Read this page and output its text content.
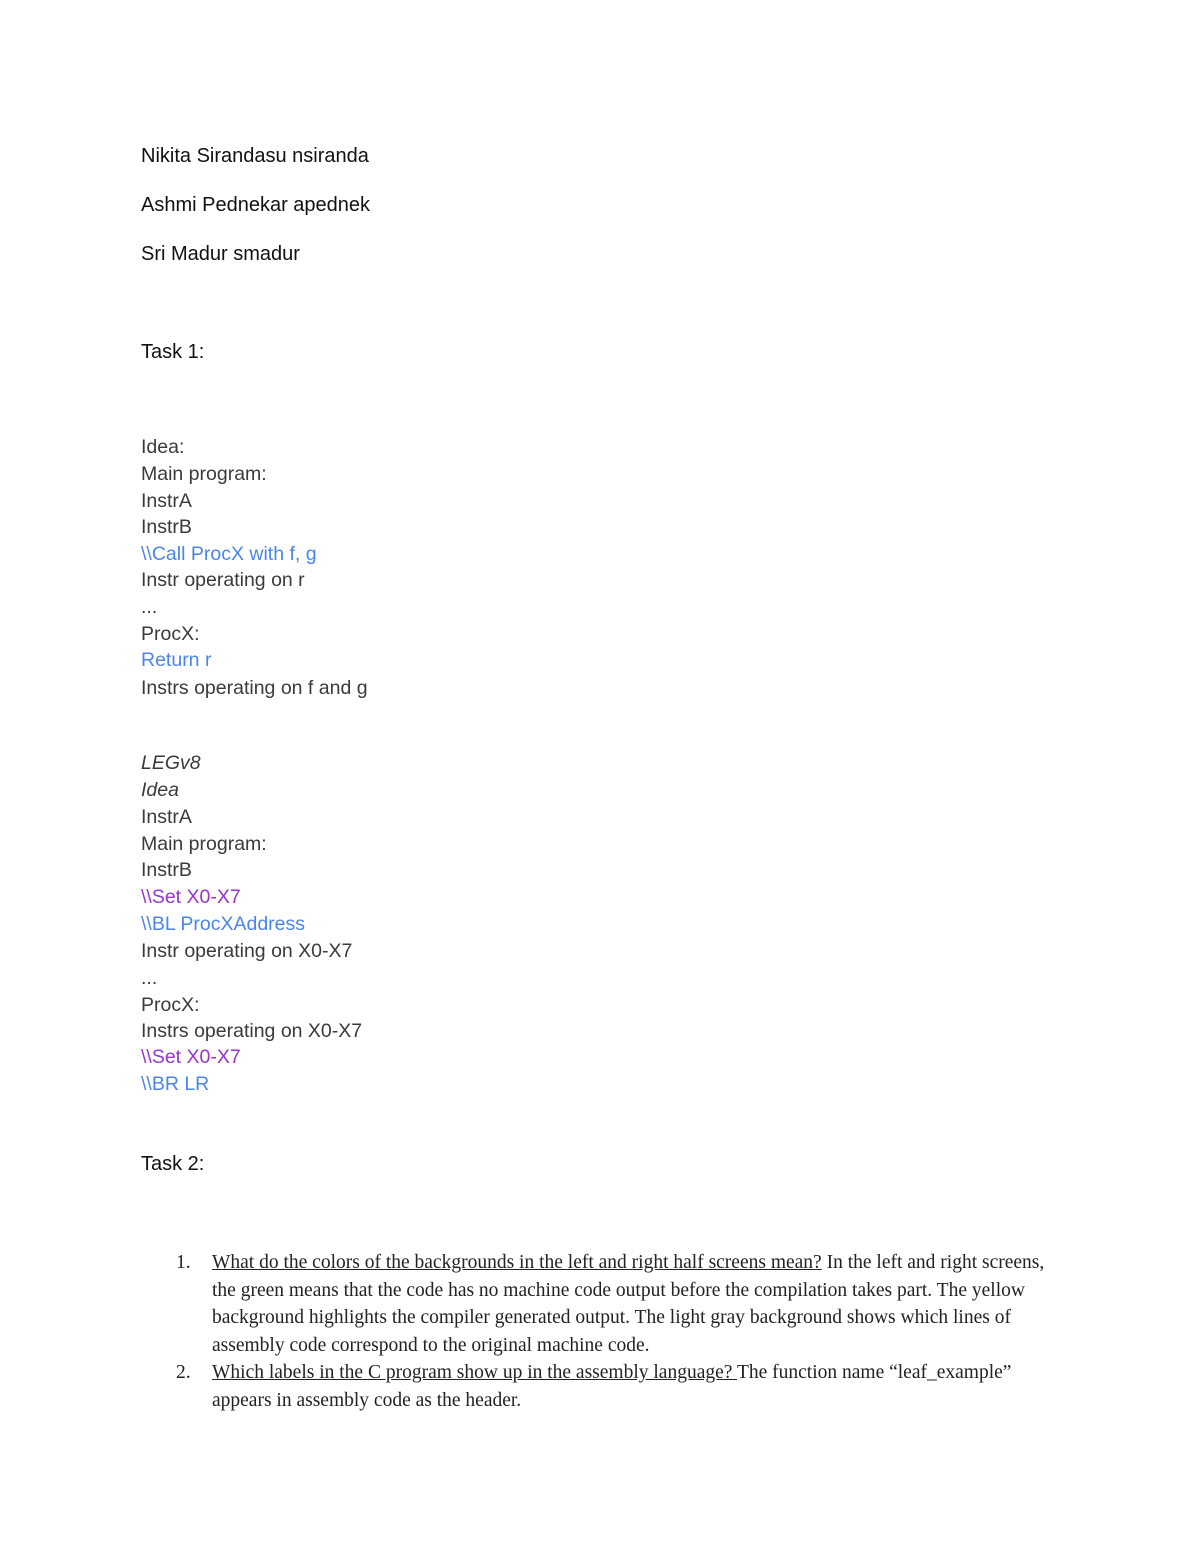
Nikita Sirandasu nsiranda
Ashmi Pednekar apednek
Sri Madur smadur
Task 1:
Idea:
Main program:
InstrA
InstrB
\\Call ProcX with f, g
Instr operating on r
...
ProcX:
Return r
Instrs operating on f and g
LEGv8
Idea
InstrA
Main program:
InstrB
\\Set X0-X7
\\BL ProcXAddress
Instr operating on X0-X7
...
ProcX:
Instrs operating on X0-X7
\\Set X0-X7
\\BR LR
Task 2:
1. What do the colors of the backgrounds in the left and right half screens mean? In the left and right screens, the green means that the code has no machine code output before the compilation takes part. The yellow background highlights the compiler generated output. The light gray background shows which lines of assembly code correspond to the original machine code.
2. Which labels in the C program show up in the assembly language? The function name “leaf_example” appears in assembly code as the header.
